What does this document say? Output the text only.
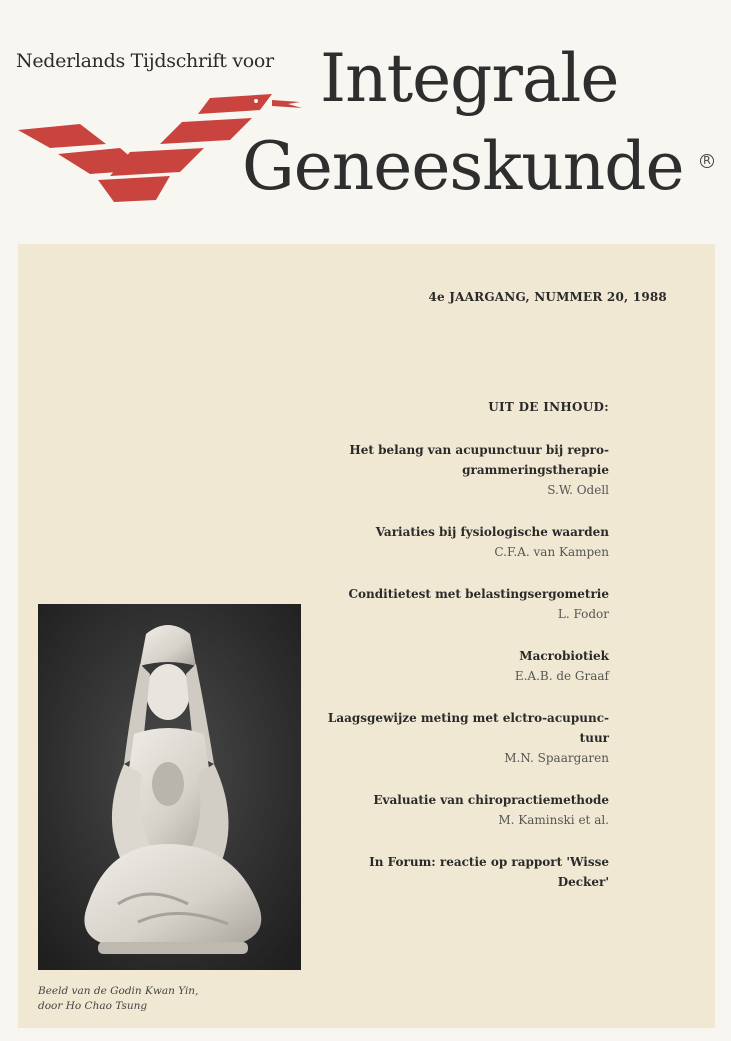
Nederlands Tijdschrift voor Integrale
Geneeskunde R
4e JAARGANG, NUMMER 20, 1988
UIT DE INHOUD:
Het belang van acupunctuur bij repro-
grammeringstherapie
S.W. Odell
Variaties bij fysiologische waarden
C.F.A. van Kampen
Conditietest met belastingsergometrie
L. Fodor
Macrobiotiek
E.A.B. de Graaf
Laagsgewijze meting met elctro-acupunc-
tuur
M.N. Spaargaren
Evaluatie van chiropractiemethode
M. Kaminski et al.
In Forum: reactie op rapport 'Wisse
Decker'
Beeld van de Godin Kwan Yin,
door Ho Chao Tsung
